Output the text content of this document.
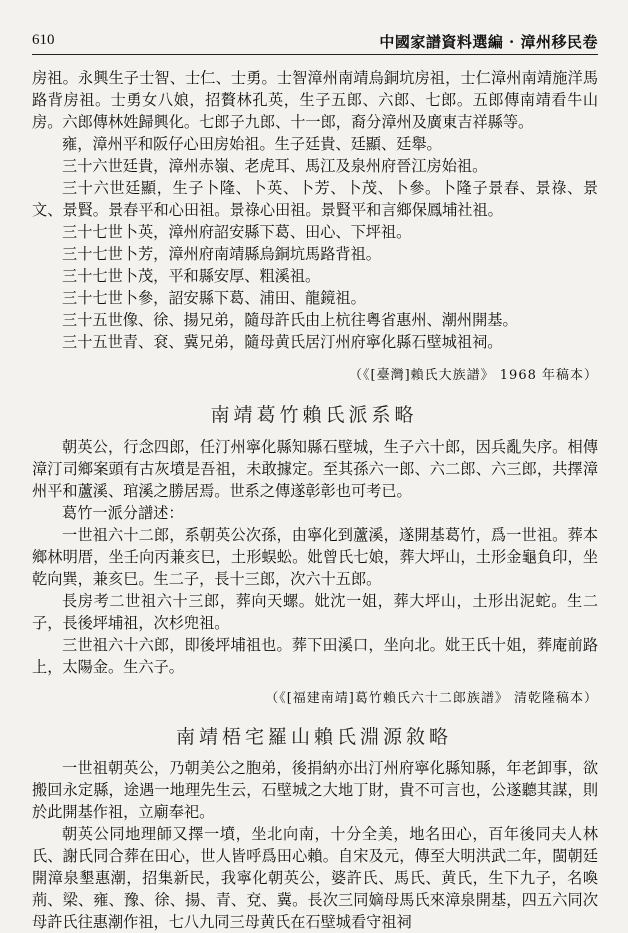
610	中國家譜資料選編 · 漳州移民卷

房祖。永興生子士智、士仁、士勇。士智漳州南靖烏銅坑房祖，士仁漳州南靖施洋馬路背房祖。士勇女八娘，招贅林孔英，生子五郎、六郎、七郎。五郎傳南靖看牛山房。六郎傳林姓歸興化。七郎子九郎、十一郎，裔分漳州及廣東吉祥縣等。

雍，漳州平和阪仔心田房始祖。生子廷貴、廷顯、廷舉。

三十六世廷貴，漳州赤嶺、老虎耳、馬江及泉州府晉江房始祖。

三十六世廷顯，生子卜隆、卜英、卜芳、卜茂、卜參。卜隆子景春、景祿、景文、景賢。景春平和心田祖。景祿心田祖。景賢平和言鄉保鳳埔社祖。

三十七世卜英，漳州府詔安縣下葛、田心、下坪祖。

三十七世卜芳，漳州府南靖縣烏銅坑馬路背祖。

三十七世卜茂，平和縣安厚、粗溪祖。

三十七世卜參，詔安縣下葛、浦田、龍鏡祖。

三十五世像、徐、揚兄弟，隨母許氏由上杭往粵省惠州、潮州開基。

三十五世青、袞、冀兄弟，隨母黄氏居汀州府寧化縣石壁城祖祠。

（《[臺灣]賴氏大族譜》 1968 年稿本）
南靖葛竹賴氏派系略

朝英公，行念四郎，任汀州寧化縣知縣石壁城，生子六十郎，因兵亂失序。相傳漳汀司鄉案頭有古灰墳是吾祖，未敢據定。至其孫六一郎、六二郎、六三郎，共擇漳州平和蘆溪、琯溪之勝居焉。世系之傳遂彰彰也可考已。

葛竹一派分譜述：

一世祖六十二郎，系朝英公次孫，由寧化到蘆溪，遂開基葛竹，爲一世祖。葬本鄉林明厝，坐壬向丙兼亥巳，土形蜈蚣。妣曾氏七娘，葬大坪山，土形金龜負印，坐乾向巽，兼亥巳。生二子，長十三郎，次六十五郎。

長房考二世祖六十三郎，葬向天螺。妣沈一姐，葬大坪山，土形出泥蛇。生二子，長後坪埔祖，次杉兜祖。

三世祖六十六郎，即後坪埔祖也。葬下田溪口，坐向北。妣王氏十姐，葬庵前路上，太陽金。生六子。

（《[福建南靖]葛竹賴氏六十二郎族譜》 清乾隆稿本）
南靖梧宅羅山賴氏淵源敘略

一世祖朝英公，乃朝美公之胞弟，後捐納亦出汀州府寧化縣知縣，年老卸事，欲搬回永定縣，途遇一地理先生云，石壁城之大地丁財，貴不可言也，公遂聽其謀，則於此開基作祖，立廟奉祀。

朝英公同地理師又擇一墳，坐北向南，十分全美，地名田心，百年後同夫人林氏、謝氏同合葬在田心，世人皆呼爲田心賴。自宋及元，傳至大明洪武二年，閩朝廷開漳泉墾惠潮，招集新民，我寧化朝英公，婆許氏、馬氏、黄氏，生下九子，名喚荊、梁、雍、豫、徐、揚、青、兗、冀。長次三同嫡母馬氏來漳泉開基，四五六同次母許氏往惠潮作祖，七八九同三母黄氏在石壁城看守祖祠
